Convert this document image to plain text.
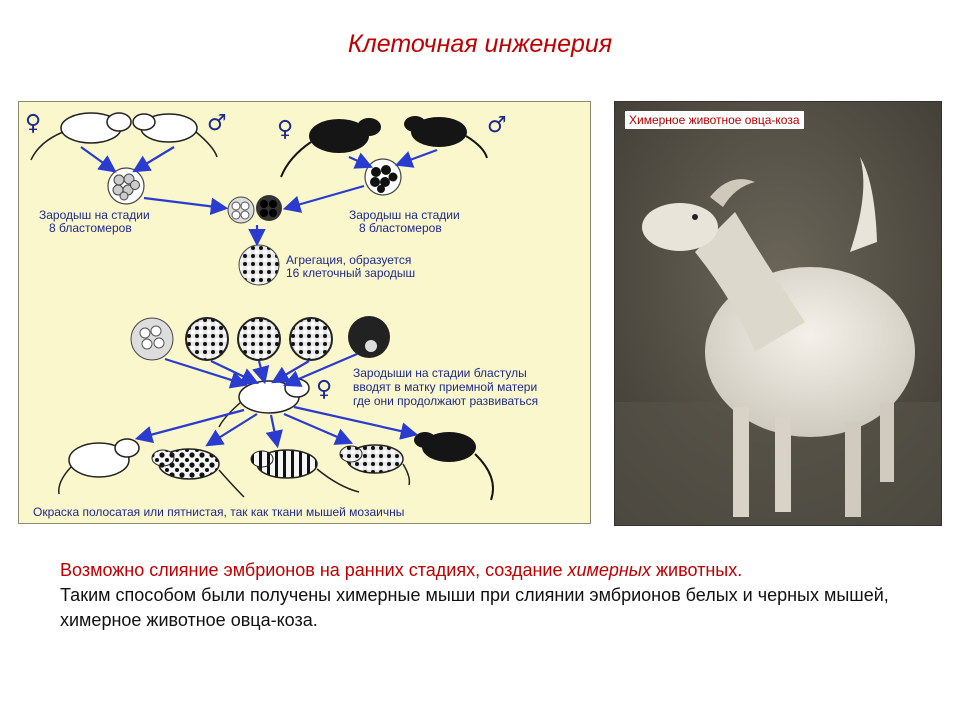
Клеточная инженерия
♀	♂ ♀	♂
♀
Зародыш на стадии
8 бластомеров
Зародыш на стадии
8 бластомеров
Агрегация, образуется
16 клеточный зародыш
Зародыши на стадии бластулы
вводят в матку приемной матери
где они продолжают развиваться
Окраска полосатая или пятнистая, так как ткани мышей мозаичны
Химерное животное овца-коза
Возможно слияние эмбрионов на ранних стадиях, создание химерных животных.
Таким способом были получены химерные мыши при слиянии эмбрионов белых и черных мышей, химерное животное овца-коза.
